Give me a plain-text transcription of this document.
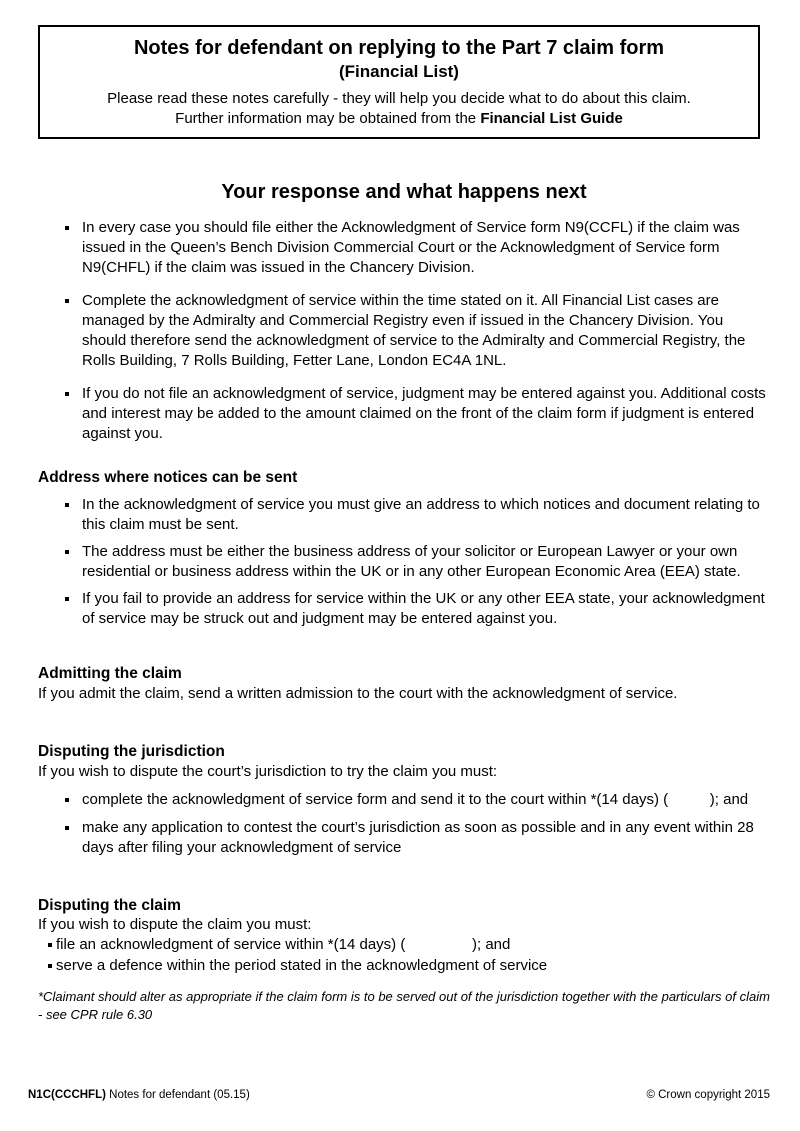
Notes for defendant on replying to the Part 7 claim form
(Financial List)
Please read these notes carefully - they will help you decide what to do about this claim.
Further information may be obtained from the Financial List Guide
Your response and what happens next
In every case you should file either the Acknowledgment of Service form N9(CCFL) if the claim was issued in the Queen’s Bench Division Commercial Court or the Acknowledgment of Service form N9(CHFL) if the claim was issued in the Chancery Division.
Complete the acknowledgment of service within the time stated on it. All Financial List cases are managed by the Admiralty and Commercial Registry even if issued in the Chancery Division. You should therefore send the acknowledgment of service to the Admiralty and Commercial Registry, the Rolls Building, 7 Rolls Building, Fetter Lane, London EC4A 1NL.
If you do not file an acknowledgment of service, judgment may be entered against you. Additional costs and interest may be added to the amount claimed on the front of the claim form if judgment is entered against you.
Address where notices can be sent
In the acknowledgment of service you must give an address to which notices and document relating to this claim must be sent.
The address must be either the business address of your solicitor or European Lawyer or your own residential or business address within the UK or in any other European Economic Area (EEA) state.
If you fail to provide an address for service within the UK or any other EEA state, your acknowledgment of service may be struck out and judgment may be entered against you.
Admitting the claim
If you admit the claim, send a written admission to the court with the acknowledgment of service.
Disputing the jurisdiction
If you wish to dispute the court’s jurisdiction to try the claim you must:
complete the acknowledgment of service form and send it to the court within *(14 days) (          ); and
make any application to contest the court’s jurisdiction as soon as possible and in any event within 28 days after filing your acknowledgment of service
Disputing the claim
If you wish to dispute the claim you must:
file an acknowledgment of service within *(14 days) (                ); and
serve a defence within the period stated in the acknowledgment of service
*Claimant should alter as appropriate if the claim form is to be served out of the jurisdiction together with the particulars of claim - see CPR rule 6.30
N1C(CCCHFL) Notes for defendant (05.15)	© Crown copyright 2015
